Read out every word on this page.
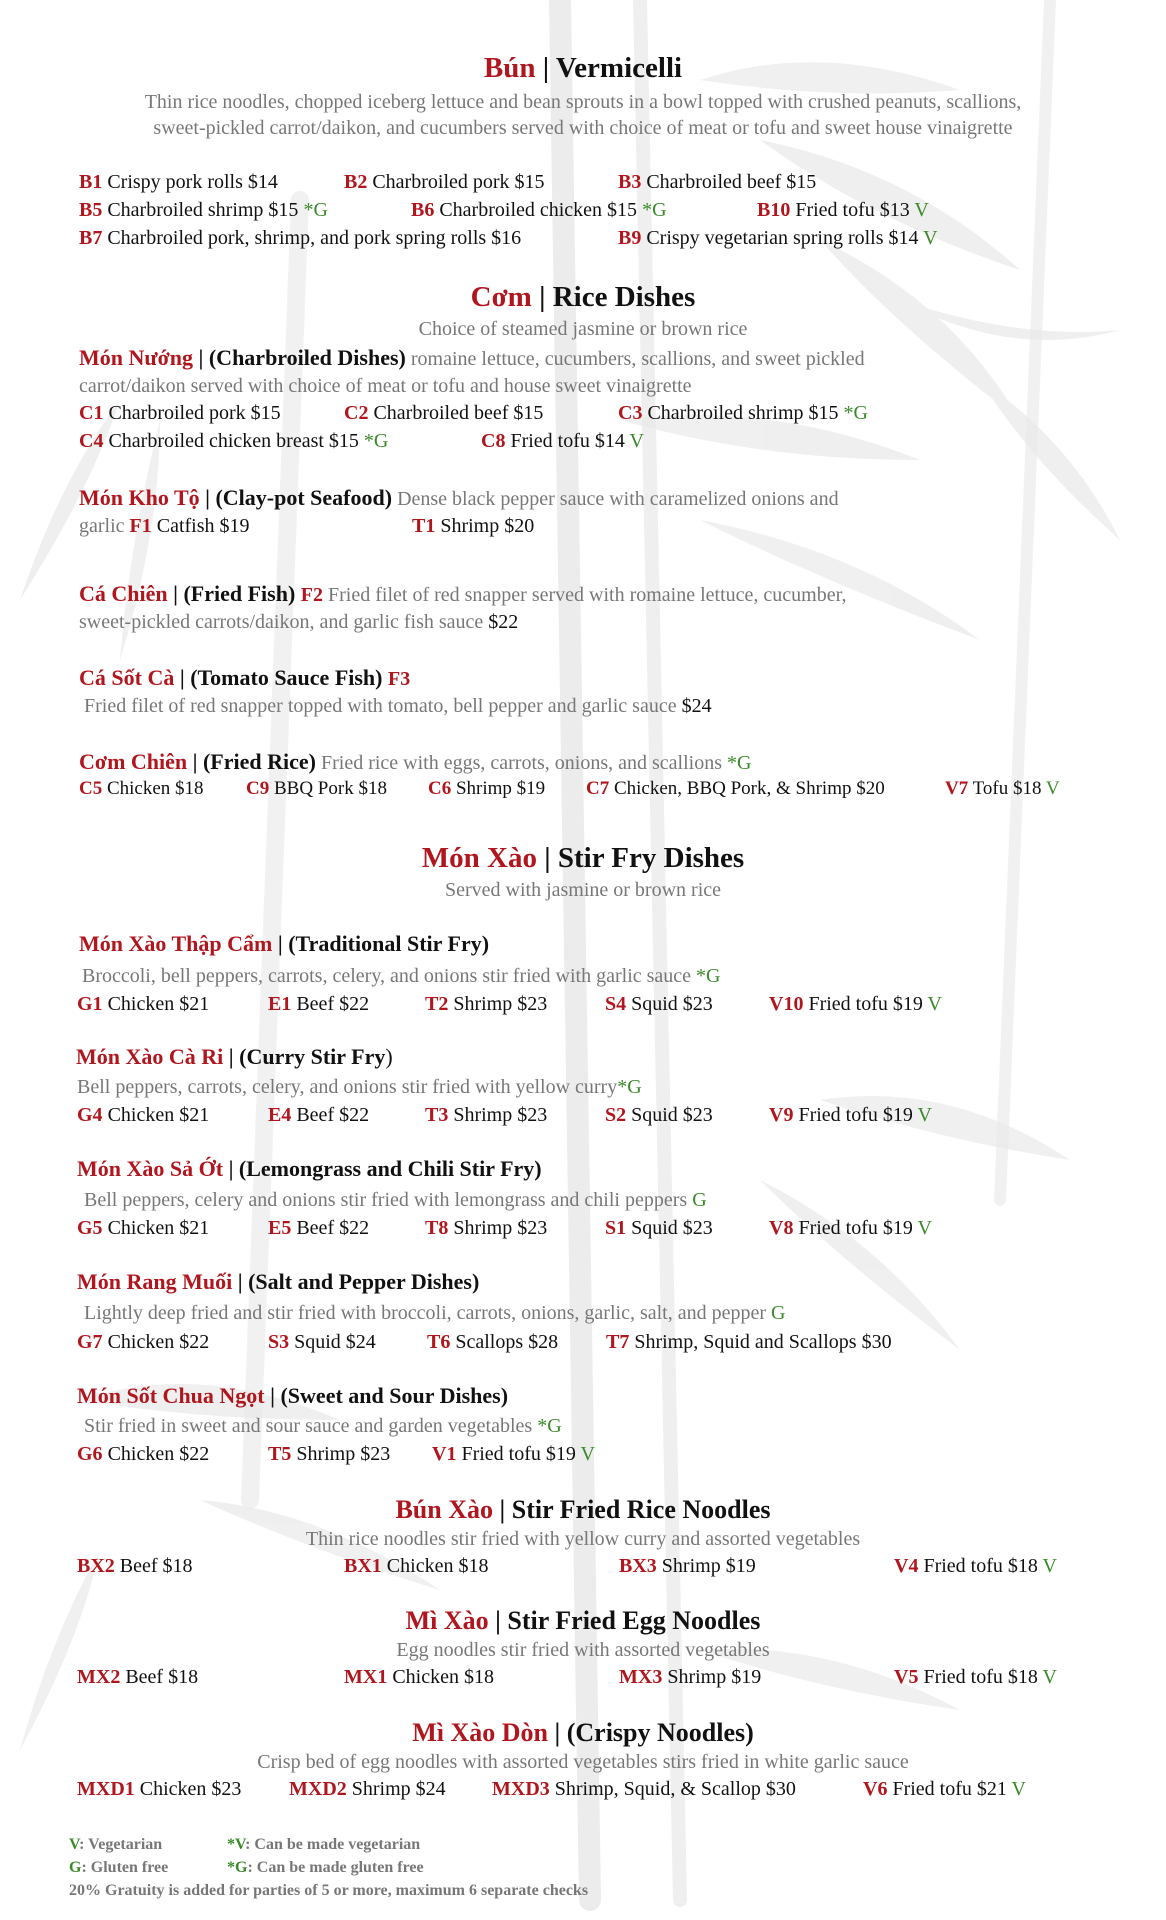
Bún | Vermicelli
Thin rice noodles, chopped iceberg lettuce and bean sprouts in a bowl topped with crushed peanuts, scallions,
sweet-pickled carrot/daikon, and cucumbers served with choice of meat or tofu and sweet house vinaigrette
B1 Crispy pork rolls $14	B2 Charbroiled pork $15	B3 Charbroiled beef $15
B5 Charbroiled shrimp $15 *G	B6 Charbroiled chicken $15 *G	B10 Fried tofu $13 V
B7 Charbroiled pork, shrimp, and pork spring rolls $16	B9 Crispy vegetarian spring rolls $14 V
Cơm | Rice Dishes
Choice of steamed jasmine or brown rice
Món Nướng | (Charbroiled Dishes) romaine lettuce, cucumbers, scallions, and sweet pickled
carrot/daikon served with choice of meat or tofu and house sweet vinaigrette
C1 Charbroiled pork $15	C2 Charbroiled beef $15	C3 Charbroiled shrimp $15 *G
C4 Charbroiled chicken breast $15 *G	C8 Fried tofu $14 V
Món Kho Tộ | (Clay-pot Seafood) Dense black pepper sauce with caramelized onions and
garlic F1 Catfish $19	T1 Shrimp $20
Cá Chiên | (Fried Fish) F2 Fried filet of red snapper served with romaine lettuce, cucumber,
sweet-pickled carrots/daikon, and garlic fish sauce $22
Cá Sốt Cà | (Tomato Sauce Fish) F3
Fried filet of red snapper topped with tomato, bell pepper and garlic sauce $24
Cơm Chiên | (Fried Rice) Fried rice with eggs, carrots, onions, and scallions *G
C5 Chicken $18 C9 BBQ Pork $18 C6 Shrimp $19 C7 Chicken, BBQ Pork, & Shrimp $20	V7 Tofu $18 V
Món Xào | Stir Fry Dishes
Served with jasmine or brown rice
Món Xào Thập Cẩm | (Traditional Stir Fry)
Broccoli, bell peppers, carrots, celery, and onions stir fried with garlic sauce *G
G1 Chicken $21	E1 Beef $22	T2 Shrimp $23	S4 Squid $23	V10 Fried tofu $19 V
Món Xào Cà Ri | (Curry Stir Fry)
Bell peppers, carrots, celery, and onions stir fried with yellow curry*G
G4 Chicken $21	E4 Beef $22	T3 Shrimp $23	S2 Squid $23	V9 Fried tofu $19 V
Món Xào Sả Ớt | (Lemongrass and Chili Stir Fry)
Bell peppers, celery and onions stir fried with lemongrass and chili peppers G
G5 Chicken $21	E5 Beef $22	T8 Shrimp $23	S1 Squid $23	V8 Fried tofu $19 V
Món Rang Muối | (Salt and Pepper Dishes)
Lightly deep fried and stir fried with broccoli, carrots, onions, garlic, salt, and pepper G
G7 Chicken $22	S3 Squid $24	T6 Scallops $28 T7 Shrimp, Squid and Scallops $30
Món Sốt Chua Ngọt | (Sweet and Sour Dishes)
Stir fried in sweet and sour sauce and garden vegetables *G
G6 Chicken $22	T5 Shrimp $23 V1 Fried tofu $19 V
Bún Xào | Stir Fried Rice Noodles
Thin rice noodles stir fried with yellow curry and assorted vegetables
BX2 Beef $18	BX1 Chicken $18	BX3 Shrimp $19	V4 Fried tofu $18 V
Mì Xào | Stir Fried Egg Noodles
Egg noodles stir fried with assorted vegetables
MX2 Beef $18	MX1 Chicken $18	MX3 Shrimp $19	V5 Fried tofu $18 V
Mì Xào Dòn | (Crispy Noodles)
Crisp bed of egg noodles with assorted vegetables stirs fried in white garlic sauce
MXD1 Chicken $23 MXD2 Shrimp $24 MXD3 Shrimp, Squid, & Scallop $30	V6 Fried tofu $21 V
V: Vegetarian	*V: Can be made vegetarian
G: Gluten free	*G: Can be made gluten free
20% Gratuity is added for parties of 5 or more, maximum 6 separate checks
